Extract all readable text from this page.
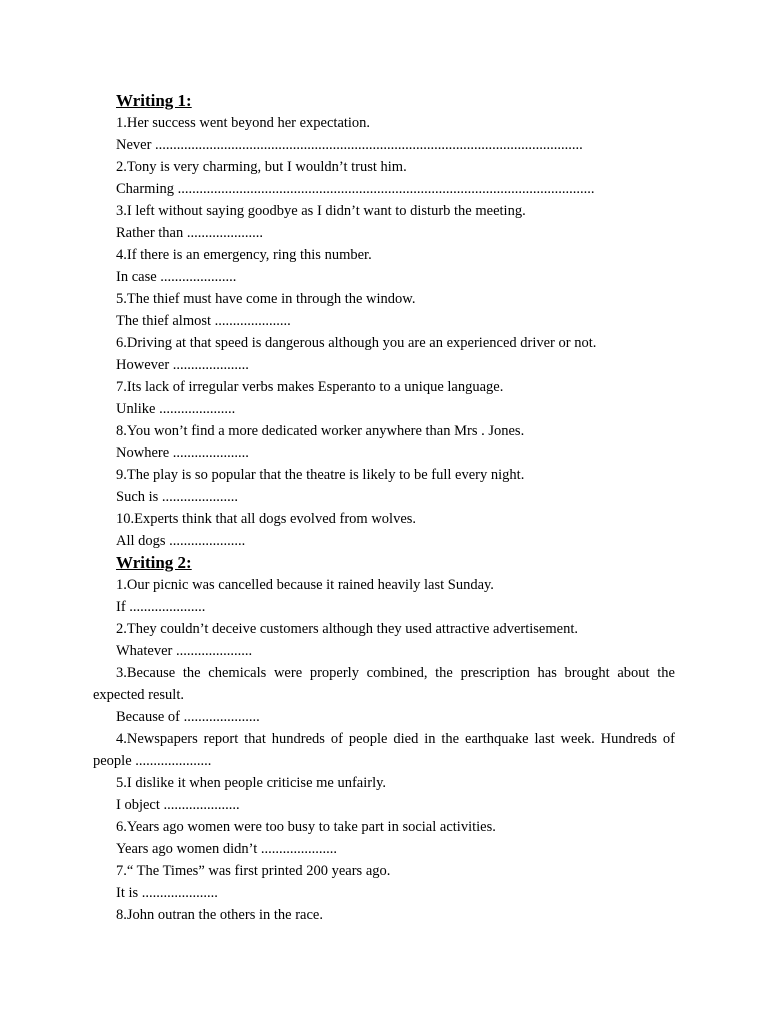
Writing 1:
1.Her success went beyond her expectation.
Never ......................................................................................................................
2.Tony is very charming, but I wouldn’t trust him.
Charming ...................................................................................................................
3.I left without saying goodbye as I didn’t want to disturb the meeting.
Rather than .....................
4.If there is an emergency, ring this number.
In case .....................
5.The thief must have come in through the window.
The thief almost .....................
6.Driving at that speed is dangerous although you are an experienced driver or not.
However .....................
7.Its lack of irregular verbs makes Esperanto to a unique language.
Unlike .....................
8.You won’t find a more dedicated worker anywhere than Mrs . Jones.
Nowhere .....................
9.The play is so popular that the theatre is likely to be full every night.
Such is .....................
10.Experts think that all dogs evolved from wolves.
All dogs .....................
Writing 2:
1.Our picnic was cancelled because it rained heavily last Sunday.
If .....................
2.They couldn’t deceive customers although they used attractive advertisement.
Whatever .....................

3.Because the chemicals were properly combined, the prescription has brought about the expected result.

Because of .....................

4.Newspapers report that hundreds of people died in the earthquake last week. Hundreds of people .....................

5.I dislike it when people criticise me unfairly.
I object .....................
6.Years ago women were too busy to take part in social activities.
Years ago women didn’t .....................
7.“ The Times” was first printed 200 years ago.
It is .....................
8.John outran the others in the race.
